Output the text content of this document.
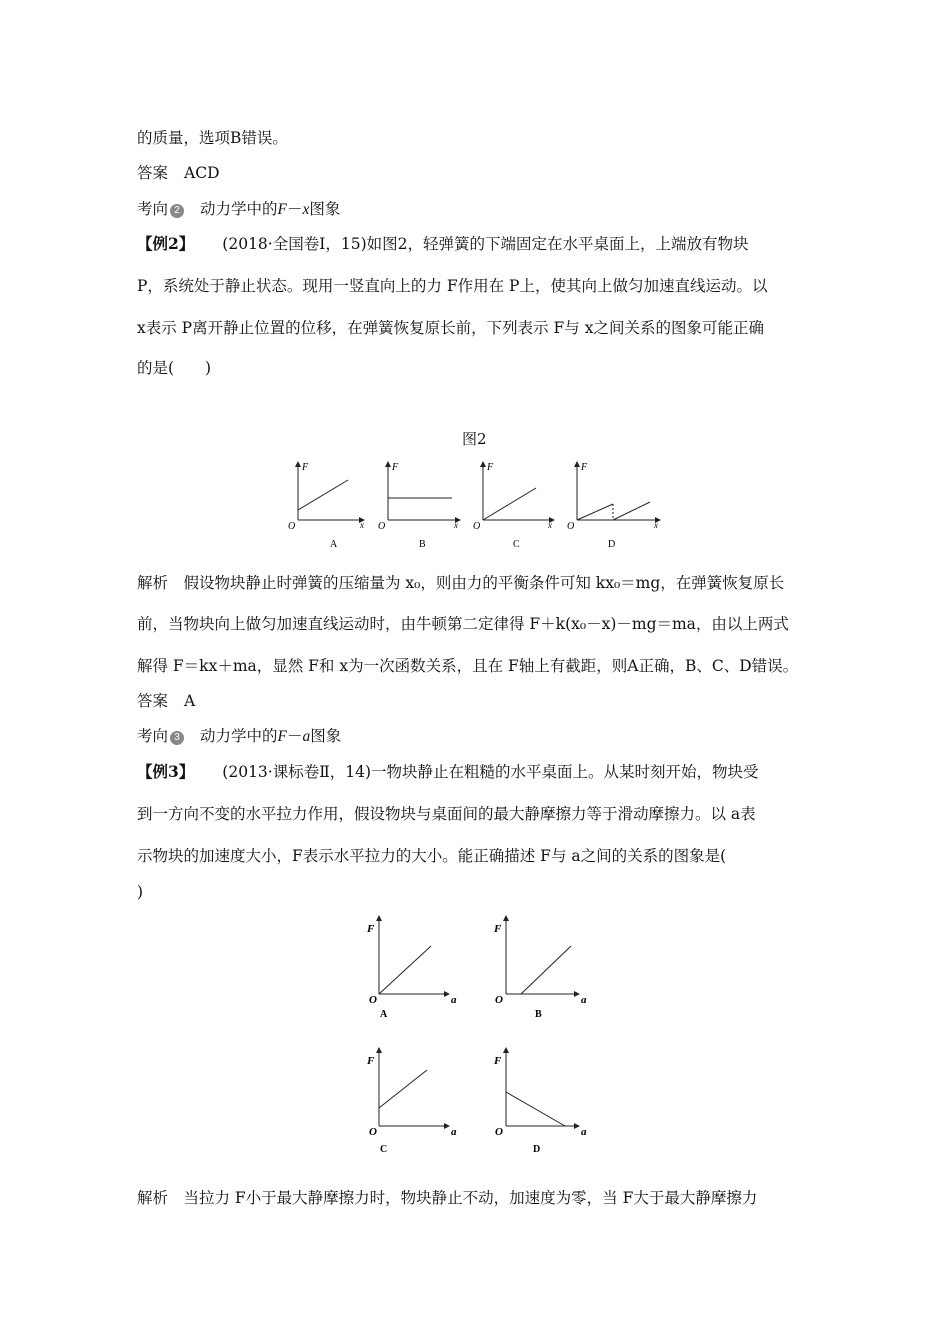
的质量，选项B错误。
答案 ACD
考向 2 动力学中的F－x图象
【例2】 (2018·全国卷Ⅰ，15)如图2，轻弹簧的下端固定在水平桌面上，上端放有物块
P，系统处于静止状态。现用一竖直向上的力 F作用在 P上，使其向上做匀加速直线运动。以
x表示 P离开静止位置的位移，在弹簧恢复原长前，下列表示 F与 x之间关系的图象可能正确
的是(　　)
图2
F
O	x
A
F
O	x
B
F
O	x
C
F
O	x
D
解析　假设物块静止时弹簧的压缩量为 x₀，则由力的平衡条件可知 kx₀＝mg，在弹簧恢复原长
前，当物块向上做匀加速直线运动时，由牛顿第二定律得 F＋k(x₀－x)－mg＝ma，由以上两式
解得 F＝kx＋ma，显然 F和 x为一次函数关系，且在 F轴上有截距，则A正确，B、C、D错误。
答案 A
考向 3 动力学中的F－a图象
【例3】 (2013·课标卷Ⅱ，14)一物块静止在粗糙的水平桌面上。从某时刻开始，物块受
到一方向不变的水平拉力作用，假设物块与桌面间的最大静摩擦力等于滑动摩擦力。以 a表
示物块的加速度大小，F表示水平拉力的大小。能正确描述 F与 a之间的关系的图象是(
)
F
O	a
A
F
O	a
B
F
O	a
C
F
O	a
D
解析　当拉力 F小于最大静摩擦力时，物块静止不动，加速度为零，当 F大于最大静摩擦力
